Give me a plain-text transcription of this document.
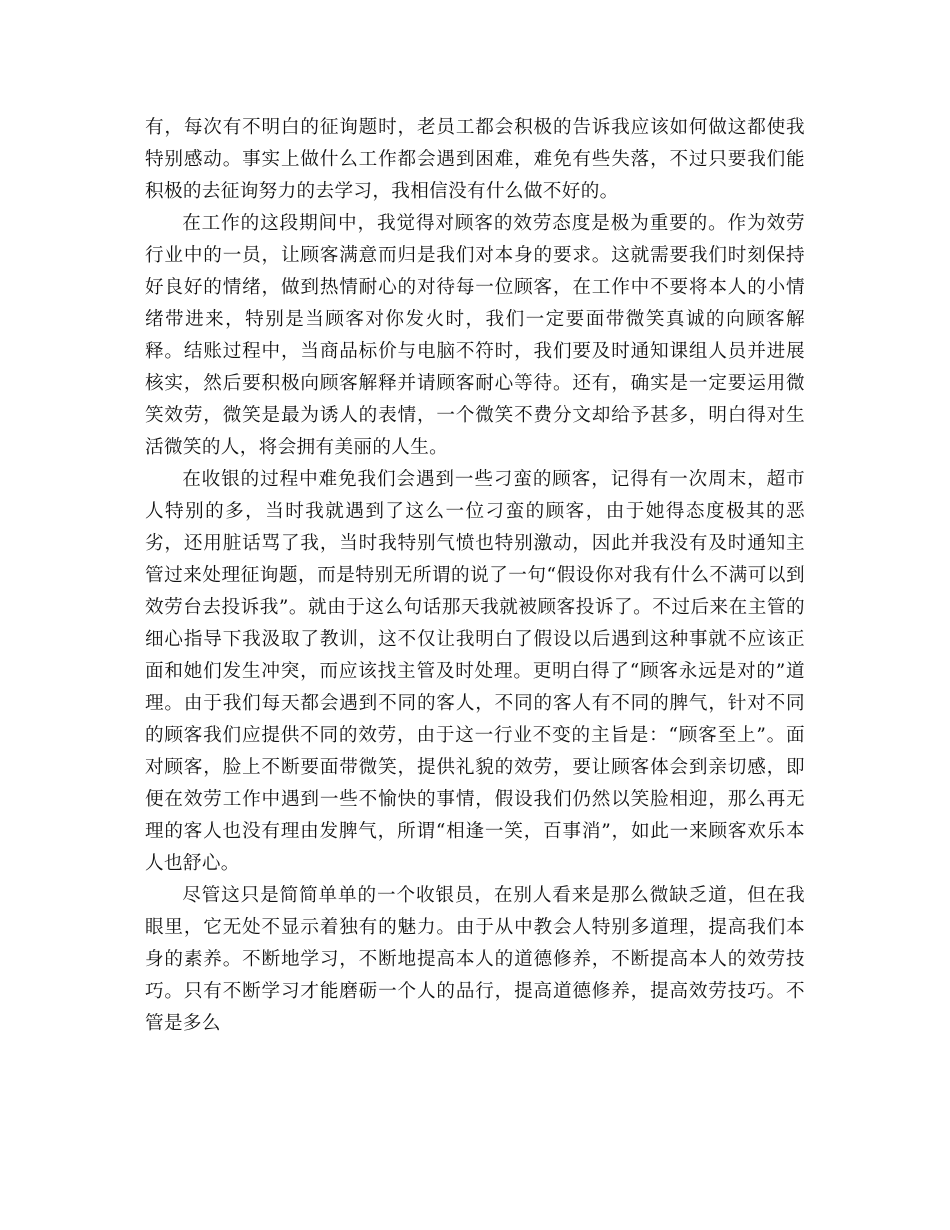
有，每次有不明白的征询题时，老员工都会积极的告诉我应该如何做这都使我特别感动。事实上做什么工作都会遇到困难，难免有些失落，不过只要我们能积极的去征询努力的去学习，我相信没有什么做不好的。

在工作的这段期间中，我觉得对顾客的效劳态度是极为重要的。作为效劳行业中的一员，让顾客满意而归是我们对本身的要求。这就需要我们时刻保持好良好的情绪，做到热情耐心的对待每一位顾客，在工作中不要将本人的小情绪带进来，特别是当顾客对你发火时，我们一定要面带微笑真诚的向顾客解释。结账过程中，当商品标价与电脑不符时，我们要及时通知课组人员并进展核实，然后要积极向顾客解释并请顾客耐心等待。还有，确实是一定要运用微笑效劳，微笑是最为诱人的表情，一个微笑不费分文却给予甚多，明白得对生活微笑的人，将会拥有美丽的人生。

在收银的过程中难免我们会遇到一些刁蛮的顾客，记得有一次周末，超市人特别的多，当时我就遇到了这么一位刁蛮的顾客，由于她得态度极其的恶劣，还用脏话骂了我，当时我特别气愤也特别激动，因此并我没有及时通知主管过来处理征询题，而是特别无所谓的说了一句“假设你对我有什么不满可以到效劳台去投诉我”。就由于这么句话那天我就被顾客投诉了。不过后来在主管的细心指导下我汲取了教训，这不仅让我明白了假设以后遇到这种事就不应该正面和她们发生冲突，而应该找主管及时处理。更明白得了“顾客永远是对的”道理。由于我们每天都会遇到不同的客人，不同的客人有不同的脾气，针对不同的顾客我们应提供不同的效劳，由于这一行业不变的主旨是：“顾客至上”。面对顾客，脸上不断要面带微笑，提供礼貌的效劳，要让顾客体会到亲切感，即便在效劳工作中遇到一些不愉快的事情，假设我们仍然以笑脸相迎，那么再无理的客人也没有理由发脾气，所谓“相逢一笑，百事消”，如此一来顾客欢乐本人也舒心。

尽管这只是简简单单的一个收银员，在别人看来是那么微缺乏道，但在我眼里，它无处不显示着独有的魅力。由于从中教会人特别多道理，提高我们本身的素养。不断地学习，不断地提高本人的道德修养，不断提高本人的效劳技巧。只有不断学习才能磨砺一个人的品行，提高道德修养，提高效劳技巧。不管是多么
